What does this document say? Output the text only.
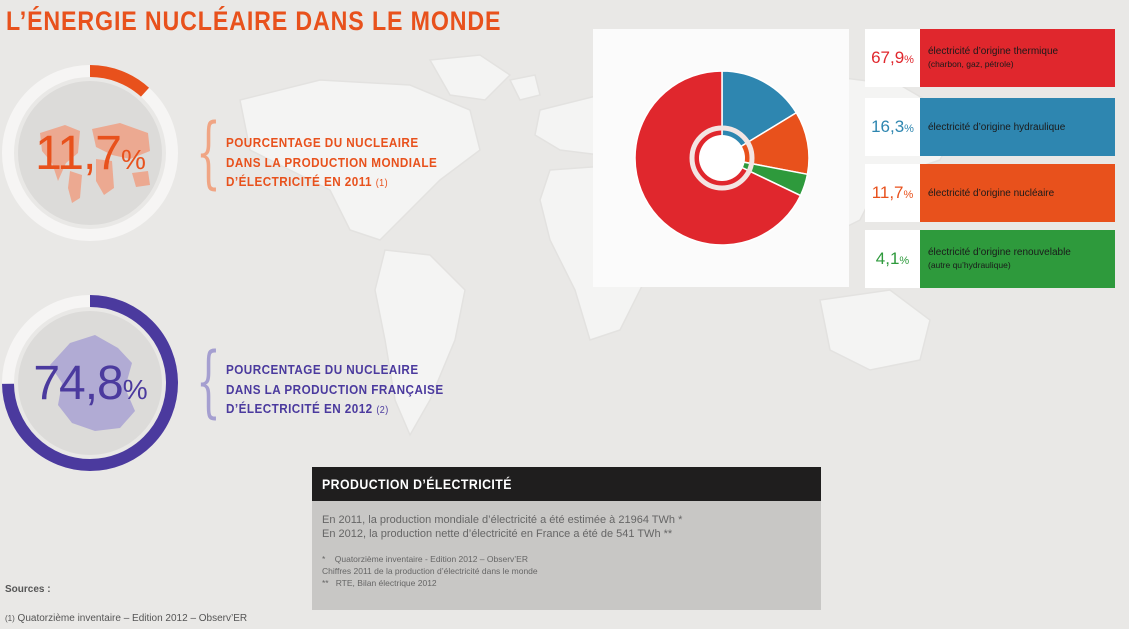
L’ÉNERGIE NUCLÉAIRE DANS LE MONDE
11,7 % { POURCENTAGE DU NUCLEAIRE
DANS LA PRODUCTION MONDIALE
D’ÉLECTRICITÉ EN 2011 (1)
74,8 % { POURCENTAGE DU NUCLEAIRE
DANS LA PRODUCTION FRANÇAISE
D’ÉLECTRICITÉ EN 2012 (2)
67,9 %
électricité d’origine thermique
(charbon, gaz, pétrole)
16,3 % électricité d’origine hydraulique
11,7 % électricité d’origine nucléaire
4,1 %
électricité d’origine renouvelable
(autre qu’hydraulique)
PRODUCTION D’ÉLECTRICITÉ
En 2011, la production mondiale d’électricité a été estimée à 21964 TWh *
En 2012, la production nette d’électricité en France a été de 541 TWh **
*    Quatorzième inventaire - Edition 2012 – Observ’ER
Chiffres 2011 de la production d’électricité dans le monde
**   RTE, Bilan électrique 2012
Sources :
(1) Quatorzième inventaire – Edition 2012 – Observ’ER
